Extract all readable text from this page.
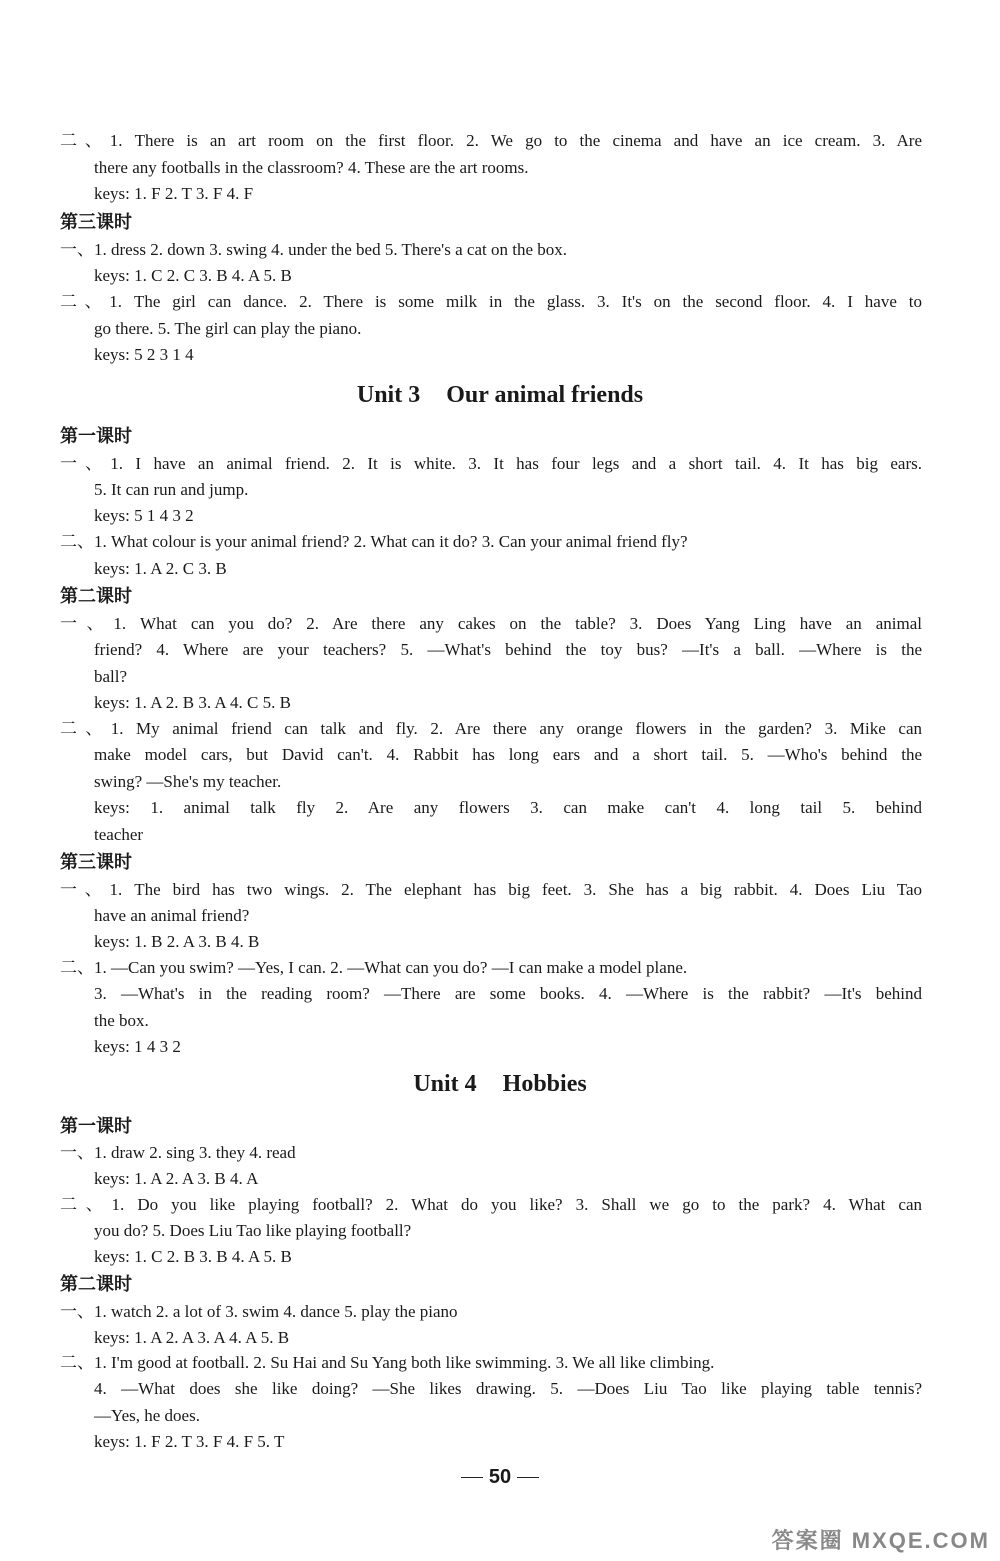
二、1. There is an art room on the first floor. 2. We go to the cinema and have an ice cream. 3. Are
there any footballs in the classroom? 4. These are the art rooms.
keys: 1. F 2. T 3. F 4. F
第三课时
一、1. dress 2. down 3. swing 4. under the bed 5. There's a cat on the box.
keys: 1. C 2. C 3. B 4. A 5. B
二、1. The girl can dance. 2. There is some milk in the glass. 3. It's on the second floor. 4. I have to
go there. 5. The girl can play the piano.
keys: 5 2 3 1 4
Unit 3 Our animal friends
第一课时
一、1. I have an animal friend. 2. It is white. 3. It has four legs and a short tail. 4. It has big ears.
5. It can run and jump.
keys: 5 1 4 3 2
二、1. What colour is your animal friend? 2. What can it do? 3. Can your animal friend fly?
keys: 1. A 2. C 3. B
第二课时
一、1. What can you do? 2. Are there any cakes on the table? 3. Does Yang Ling have an animal
friend? 4. Where are your teachers? 5. —What's behind the toy bus? —It's a ball. —Where is the
ball?
keys: 1. A 2. B 3. A 4. C 5. B
二、1. My animal friend can talk and fly. 2. Are there any orange flowers in the garden? 3. Mike can
make model cars, but David can't. 4. Rabbit has long ears and a short tail. 5. —Who's behind the
swing? —She's my teacher.
keys: 1. animal talk fly 2. Are any flowers 3. can make can't 4. long tail 5. behind
teacher
第三课时
一、1. The bird has two wings. 2. The elephant has big feet. 3. She has a big rabbit. 4. Does Liu Tao
have an animal friend?
keys: 1. B 2. A 3. B 4. B
二、1. —Can you swim? —Yes, I can. 2. —What can you do? —I can make a model plane.
3. —What's in the reading room? —There are some books. 4. —Where is the rabbit? —It's behind
the box.
keys: 1 4 3 2
Unit 4 Hobbies
第一课时
一、1. draw 2. sing 3. they 4. read
keys: 1. A 2. A 3. B 4. A
二、1. Do you like playing football? 2. What do you like? 3. Shall we go to the park? 4. What can
you do? 5. Does Liu Tao like playing football?
keys: 1. C 2. B 3. B 4. A 5. B
第二课时
一、1. watch 2. a lot of 3. swim 4. dance 5. play the piano
keys: 1. A 2. A 3. A 4. A 5. B
二、1. I'm good at football. 2. Su Hai and Su Yang both like swimming. 3. We all like climbing.
4. —What does she like doing? —She likes drawing. 5. —Does Liu Tao like playing table tennis?
—Yes, he does.
keys: 1. F 2. T 3. F 4. F 5. T
50
答案圈 MXQE.COM
